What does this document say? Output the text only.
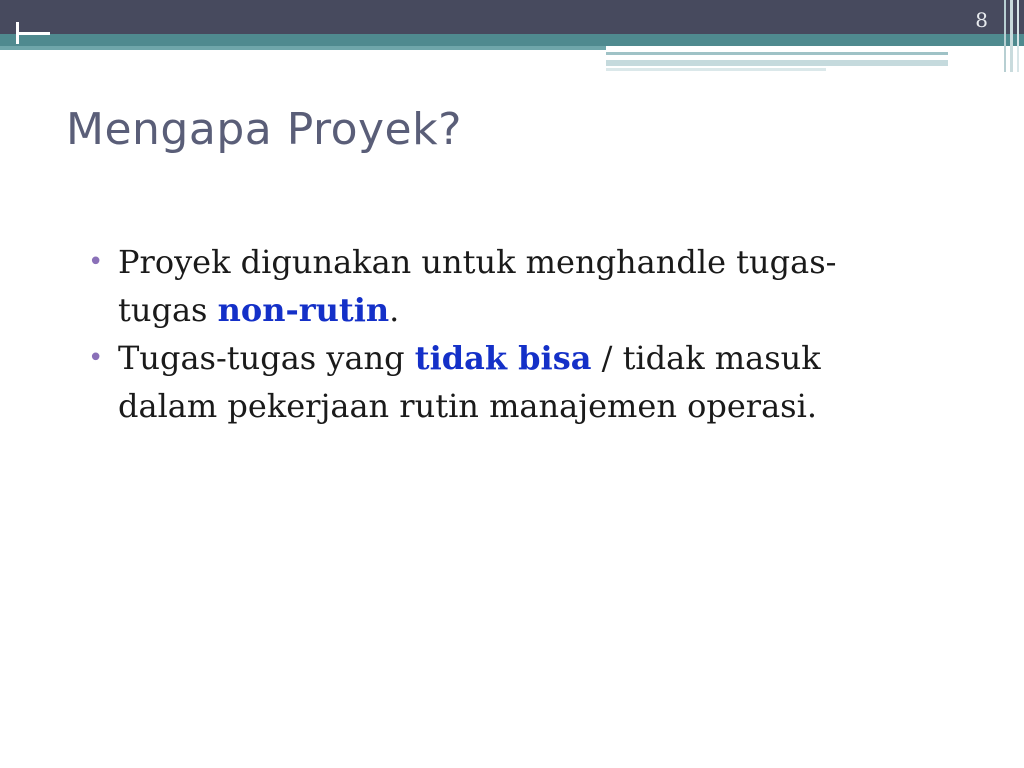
8
Mengapa Proyek?
• Proyek digunakan untuk menghandle tugas-tugas non-rutin.
• Tugas-tugas yang tidak bisa / tidak masuk dalam pekerjaan rutin manajemen operasi.
